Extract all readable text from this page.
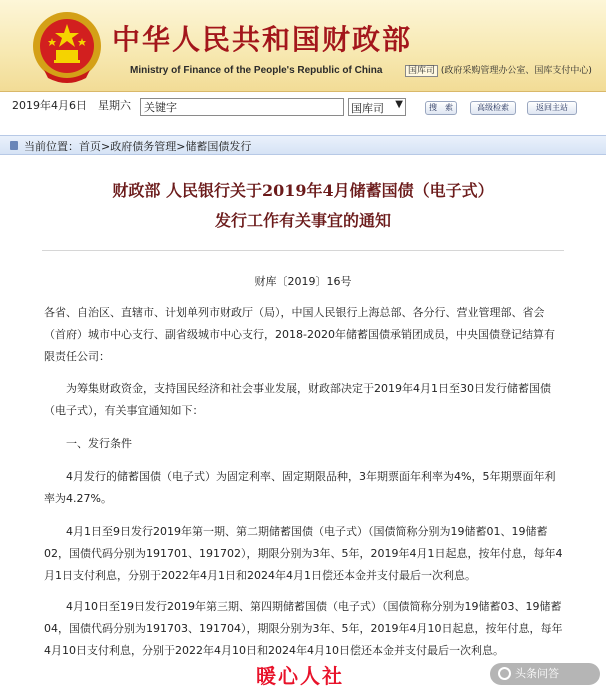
中华人民共和国财政部
Ministry of Finance of the People's Republic of China	国库司 (政府采购管理办公室、国库支付中心)
2019年4月6日　星期六
关键字	国库司 ▼	搜　索	高级检索	返回主站
当前位置：首页>政府债务管理>储蓄国债发行
财政部 人民银行关于2019年4月储蓄国债（电子式）
发行工作有关事宜的通知
财库〔2019〕16号
各省、自治区、直辖市、计划单列市财政厅（局），中国人民银行上海总部、各分行、营业管理部、省会（首府）城市中心支行、副省级城市中心支行，2018-2020年储蓄国债承销团成员，中央国债登记结算有限责任公司：
为筹集财政资金，支持国民经济和社会事业发展，财政部决定于2019年4月1日至30日发行储蓄国债（电子式），有关事宜通知如下：
一、发行条件
4月发行的储蓄国债（电子式）为固定利率、固定期限品种，3年期票面年利率为4%，5年期票面年利率为4.27%。
4月1日至9日发行2019年第一期、第二期储蓄国债（电子式）（国债简称分别为19储蓄01、19储蓄02，国债代码分别为191701、191702），期限分别为3年、5年，2019年4月1日起息，按年付息，每年4月1日支付利息，分别于2022年4月1日和2024年4月1日偿还本金并支付最后一次利息。
4月10日至19日发行2019年第三期、第四期储蓄国债（电子式）（国债简称分别为19储蓄03、19储蓄04，国债代码分别为191703、191704），期限分别为3年、5年，2019年4月10日起息，按年付息，每年4月10日支付利息，分别于2022年4月10日和2024年4月10日偿还本金并支付最后一次利息。
暖心人社	头条问答
